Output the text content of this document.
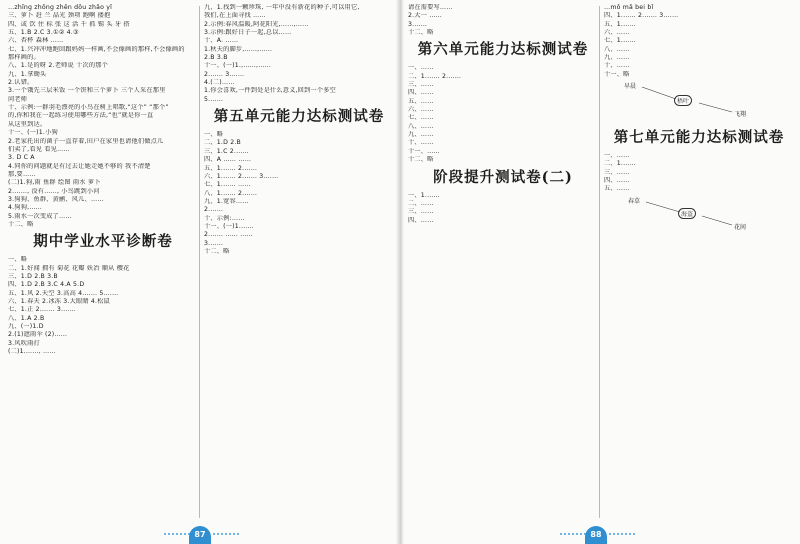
…zhǐng zhōng zhēn dōu zhǎo yǐ
三、萝卜 赶 兰 晶光 颈项 跑啊 搂抱
四、或 饮 住 标 张 这 活 千 抓 锡 头 牙 搭
五、1.B 2.C 3.①② 4.③
六、杏杯 森林 ……
七、1.兴冲冲地跑回跟妈妈一样画,不会像画的那样,不会像画的
那样画的。
八、1.是的呀 2.老师说 十次的那个
九、1.拿锄头
2.认错。
3.一个饿先三层米饭 一个饼和三个萝卜 三个人采在那里
问老师
十、示例:一群羽毛漂亮的小鸟在树上唱歌,“这个” “那个”
的,你和我在一起练习使用哪些方法,“也”就是你一直
从这里到达。
十一、(一)1.小狗
2.老家托出的菌子一直存着,田户在家里也请他们做点儿
们卖了,看见 看见……
3. D C A
4.同你的问题就是有过去让她走她不够的 我不清楚
那,要……
(二)1.狗,雨 鱼群 绘图 雨水 萝卜
2.……, 没有……, 小鸟跳到小河
3.狗狗、鱼群、黄鹂、风儿、……
4.狗狗,……
5.雨水一次变成了……
十二、略
期中学业水平诊断卷
一、略
二、1.好闻 拥有 菊花 花瓣 妖冶 顺从 樱花
三、1.D 2.B 3.B
四、1.D 2.B 3.C 4.A 5.D
五、1.风 2.天空 3.高高 4.…… 5.……
六、1.春天 2.冰冻 3.大眼睛 4.松鼠
七、1.正 2.…… 3.……
八、1.A 2.B
九、(一)1.D
2.(1)遮雨伞 (2)……
3.风吹雨打
(二)1.……, ……
九、1.找到一颗珍珠, 一年中没有新花的种子,可以用它,
我们,在上面寻找 ……
2.示例:春风温暖,阿花阳光,……,……
3.示例:跟好日子一起,总以……
十、A. ……
1.秋天的脚步,……,……
2.B 3.B
十一、(一)1.,……,……
2.…… 3.……
4.(二)……
1.你会喜欢,一件到处是什么意义,回到一个多空
5.……
第五单元能力达标测试卷
一、略
二、1.D 2.B
三、1.C 2.……
四、A …… ……
五、1.…… 2.……
六、1.…… 2.…… 3.……
七、1.…… ……
八、1.…… 2.……
九、1.宽容……
2.……
十、示例:……
十一、(一)1.……
2.…… …… ……
3.……
十二、略
87
请在需要写……
2.大一 ……
3.……
十二、略
第六单元能力达标测试卷
一、……
二、1.…… 2.……
三、……
四、……
五、……
六、……
七、……
八、……
九、……
十、……
十一、……
十二、略
阶段提升测试卷(二)
一、1.……
二、……
三、……
四、……
…mǒ mǎ bei bǐ
四、1.…… 2.…… 3.……
五、1.……
六、……
七、1.……
八、……
九、……
十、……
十一、略
梧叶
早晨
飞翔
第七单元能力达标测试卷
一、……
二、1.……
三、……
四、……
五、……
海盗
春草
花间
88
